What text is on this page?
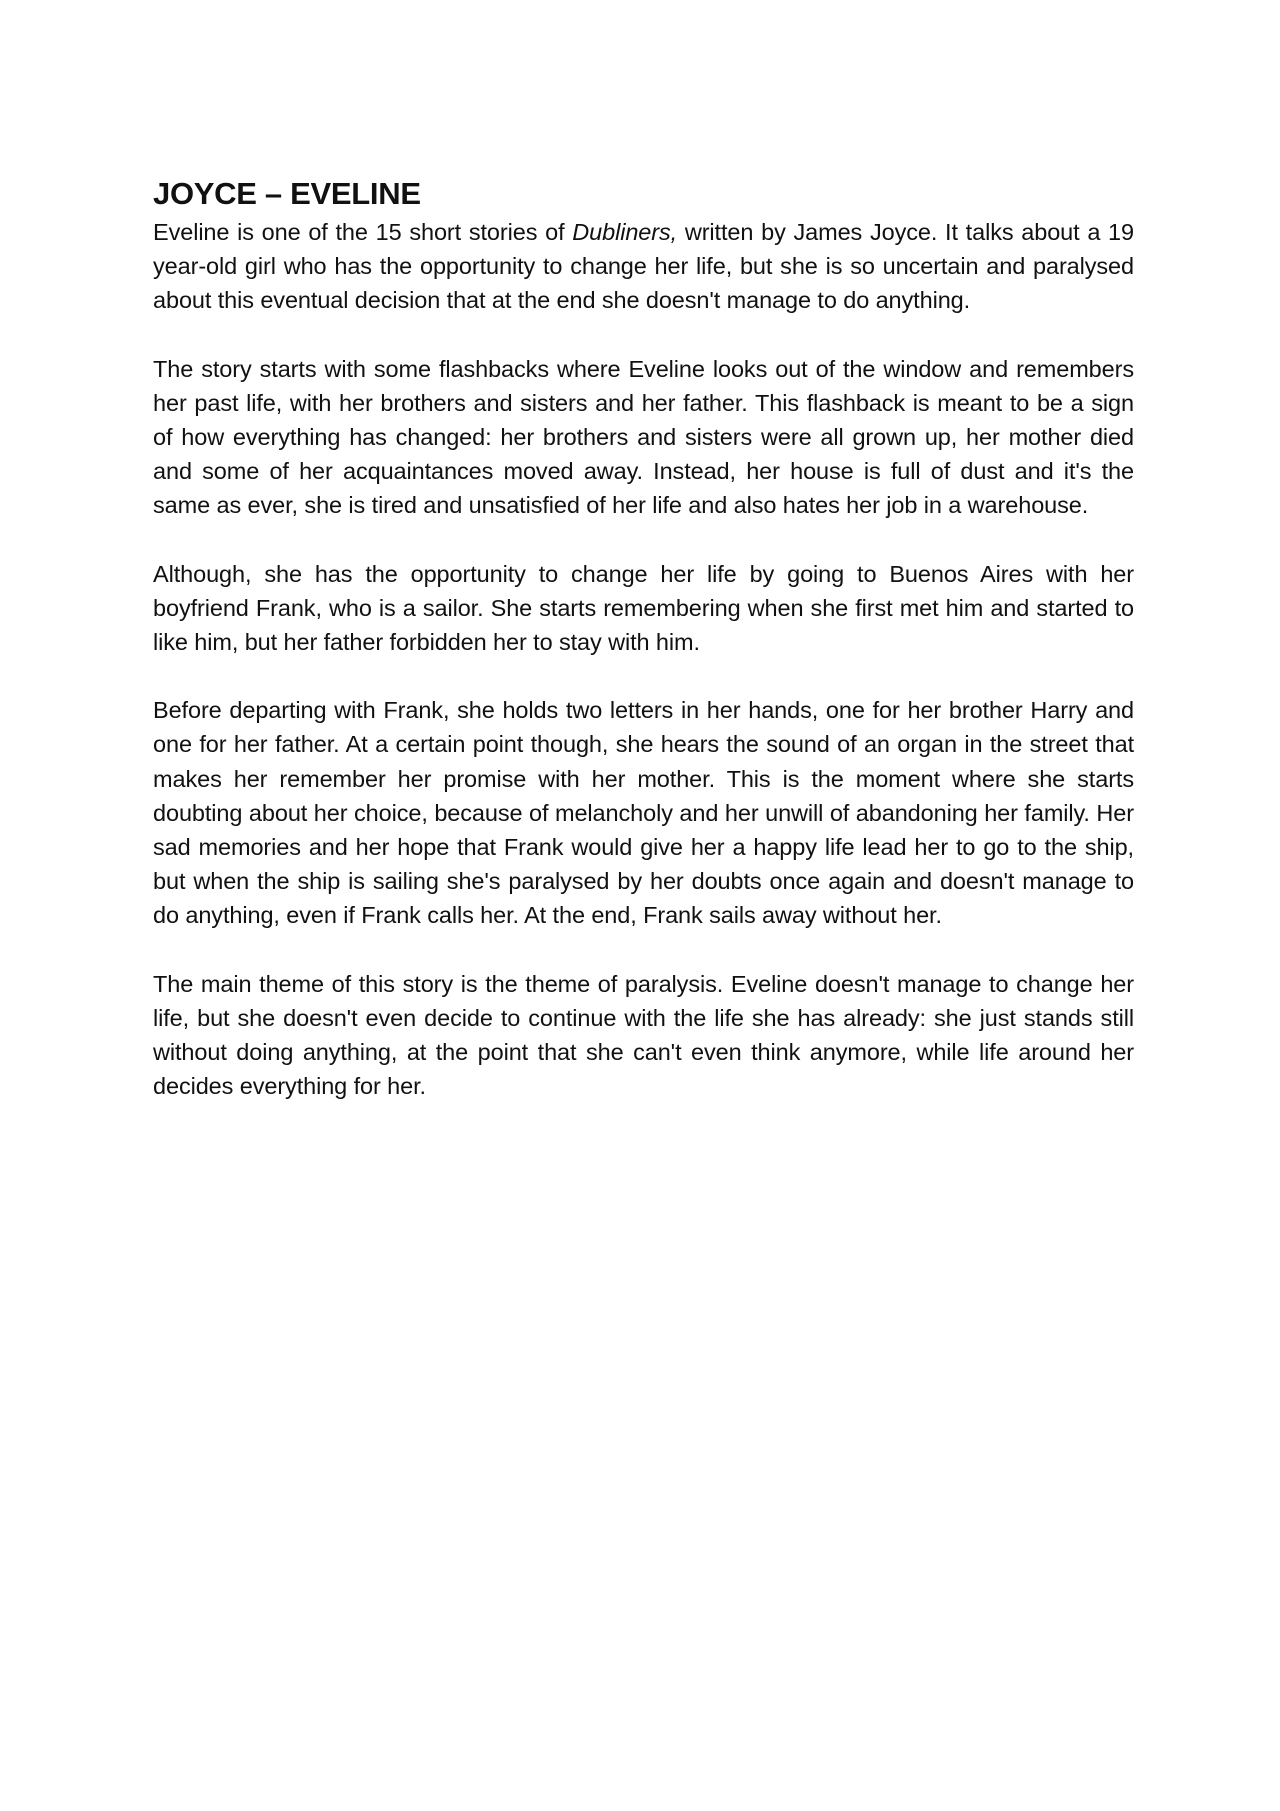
JOYCE – EVELINE

Eveline is one of the 15 short stories of Dubliners, written by James Joyce. It talks about a 19 year-old girl who has the opportunity to change her life, but she is so uncertain and paralysed about this eventual decision that at the end she doesn't manage to do anything.

The story starts with some flashbacks where Eveline looks out of the window and remembers her past life, with her brothers and sisters and her father. This flashback is meant to be a sign of how everything has changed: her brothers and sisters were all grown up, her mother died and some of her acquaintances moved away. Instead, her house is full of dust and it's the same as ever, she is tired and unsatisfied of her life and also hates her job in a warehouse.

Although, she has the opportunity to change her life by going to Buenos Aires with her boyfriend Frank, who is a sailor. She starts remembering when she first met him and started to like him, but her father forbidden her to stay with him.

Before departing with Frank, she holds two letters in her hands, one for her brother Harry and one for her father. At a certain point though, she hears the sound of an organ in the street that makes her remember her promise with her mother. This is the moment where she starts doubting about her choice, because of melancholy and her unwill of abandoning her family. Her sad memories and her hope that Frank would give her a happy life lead her to go to the ship, but when the ship is sailing she's paralysed by her doubts once again and doesn't manage to do anything, even if Frank calls her. At the end, Frank sails away without her.

The main theme of this story is the theme of paralysis. Eveline doesn't manage to change her life, but she doesn't even decide to continue with the life she has already: she just stands still without doing anything, at the point that she can't even think anymore, while life around her decides everything for her.
